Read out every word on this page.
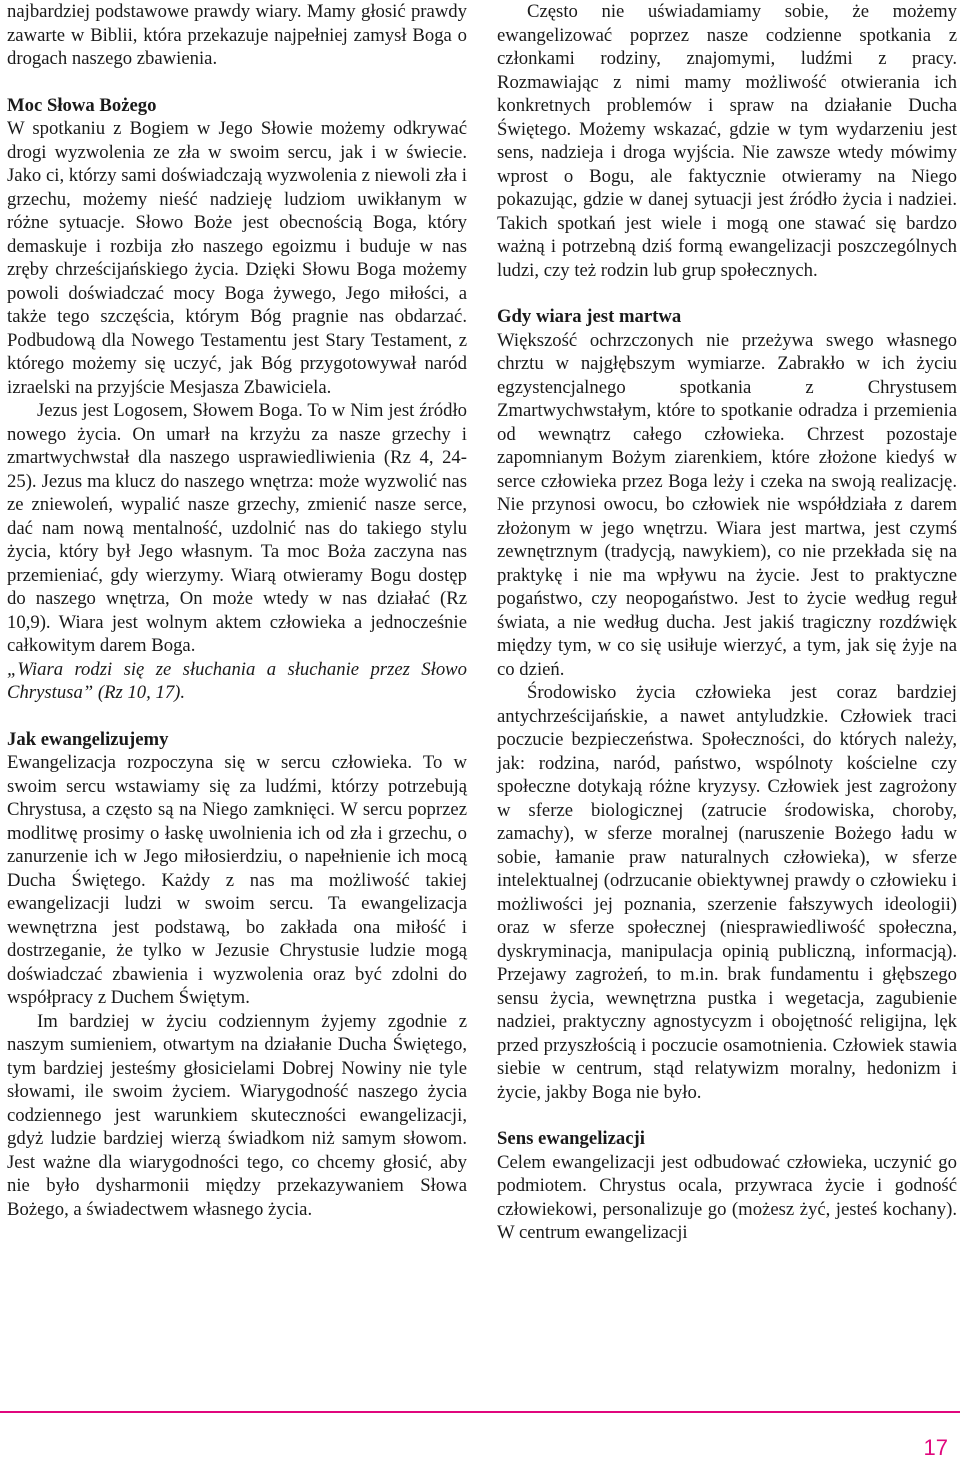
najbardziej podstawowe prawdy wiary. Mamy głosić prawdy zawarte w Biblii, która przekazuje najpełniej zamysł Boga o drogach naszego zbawienia.

Moc Słowa Bożego

W spotkaniu z Bogiem w Jego Słowie możemy odkrywać drogi wyzwolenia ze zła w swoim sercu, jak i w świecie. Jako ci, którzy sami doświadczają wyzwolenia z niewoli zła i grzechu, możemy nieść nadzieję ludziom uwikłanym w różne sytuacje. Słowo Boże jest obecnością Boga, który demaskuje i rozbija zło naszego egoizmu i buduje w nas zręby chrześcijańskiego życia. Dzięki Słowu Boga możemy powoli doświadczać mocy Boga żywego, Jego miłości, a także tego szczęścia, którym Bóg pragnie nas obdarzać. Podbudową dla Nowego Testamentu jest Stary Testament, z którego możemy się uczyć, jak Bóg przygotowywał naród izraelski na przyjście Mesjasza Zbawiciela.

Jezus jest Logosem, Słowem Boga. To w Nim jest źródło nowego życia. On umarł na krzyżu za nasze grzechy i zmartwychwstał dla naszego usprawiedliwienia (Rz 4, 24-25). Jezus ma klucz do naszego wnętrza: może wyzwolić nas ze zniewoleń, wypalić nasze grzechy, zmienić nasze serce, dać nam nową mentalność, uzdolnić nas do takiego stylu życia, który był Jego własnym. Ta moc Boża zaczyna nas przemieniać, gdy wierzymy. Wiarą otwieramy Bogu dostęp do naszego wnętrza, On może wtedy w nas działać (Rz 10,9). Wiara jest wolnym aktem człowieka a jednocześnie całkowitym darem Boga.

„Wiara rodzi się ze słuchania a słuchanie przez Słowo Chrystusa” (Rz 10, 17).

Jak ewangelizujemy

Ewangelizacja rozpoczyna się w sercu człowieka. To w swoim sercu wstawiamy się za ludźmi, którzy potrzebują Chrystusa, a często są na Niego zamknięci. W sercu poprzez modlitwę prosimy o łaskę uwolnienia ich od zła i grzechu, o zanurzenie ich w Jego miłosierdziu, o napełnienie ich mocą Ducha Świętego. Każdy z nas ma możliwość takiej ewangelizacji ludzi w swoim sercu. Ta ewangelizacja wewnętrzna jest podstawą, bo zakłada ona miłość i dostrzeganie, że tylko w Jezusie Chrystusie ludzie mogą doświadczać zbawienia i wyzwolenia oraz być zdolni do współpracy z Duchem Świętym.

Im bardziej w życiu codziennym żyjemy zgodnie z naszym sumieniem, otwartym na działanie Ducha Świętego, tym bardziej jesteśmy głosicielami Dobrej Nowiny nie tyle słowami, ile swoim życiem. Wiarygodność naszego życia codziennego jest warunkiem skuteczności ewangelizacji, gdyż ludzie bardziej wierzą świadkom niż samym słowom. Jest ważne dla wiarygodności tego, co chcemy głosić, aby nie było dysharmonii między przekazywaniem Słowa Bożego, a świadectwem własnego życia.

Często nie uświadamiamy sobie, że możemy ewangelizować poprzez nasze codzienne spotkania z członkami rodziny, znajomymi, ludźmi z pracy. Rozmawiając z nimi mamy możliwość otwierania ich konkretnych problemów i spraw na działanie Ducha Świętego. Możemy wskazać, gdzie w tym wydarzeniu jest sens, nadzieja i droga wyjścia. Nie zawsze wtedy mówimy wprost o Bogu, ale faktycznie otwieramy na Niego pokazując, gdzie w danej sytuacji jest źródło życia i nadziei. Takich spotkań jest wiele i mogą one stawać się bardzo ważną i potrzebną dziś formą ewangelizacji poszczególnych ludzi, czy też rodzin lub grup społecznych.

Gdy wiara jest martwa

Większość ochrzczonych nie przeżywa swego własnego chrztu w najgłębszym wymiarze. Zabrakło w ich życiu egzystencjalnego spotkania z Chrystusem Zmartwychwstałym, które to spotkanie odradza i przemienia od wewnątrz całego człowieka. Chrzest pozostaje zapomnianym Bożym ziarenkiem, które złożone kiedyś w serce człowieka przez Boga leży i czeka na swoją realizację. Nie przynosi owocu, bo człowiek nie współdziała z darem złożonym w jego wnętrzu. Wiara jest martwa, jest czymś zewnętrznym (tradycją, nawykiem), co nie przekłada się na praktykę i nie ma wpływu na życie. Jest to praktyczne pogaństwo, czy neopogaństwo. Jest to życie według reguł świata, a nie według ducha. Jest jakiś tragiczny rozdźwięk między tym, w co się usiłuje wierzyć, a tym, jak się żyje na co dzień.

Środowisko życia człowieka jest coraz bardziej antychrześcijańskie, a nawet antyludzkie. Człowiek traci poczucie bezpieczeństwa. Społeczności, do których należy, jak: rodzina, naród, państwo, wspólnoty kościelne czy społeczne dotykają różne kryzysy. Człowiek jest zagrożony w sferze biologicznej (zatrucie środowiska, choroby, zamachy), w sferze moralnej (naruszenie Bożego ładu w sobie, łamanie praw naturalnych człowieka), w sferze intelektualnej (odrzucanie obiektywnej prawdy o człowieku i możliwości jej poznania, szerzenie fałszywych ideologii) oraz w sferze społecznej (niesprawiedliwość społeczna, dyskryminacja, manipulacja opinią publiczną, informacją). Przejawy zagrożeń, to m.in. brak fundamentu i głębszego sensu życia, wewnętrzna pustka i wegetacja, zagubienie nadziei, praktyczny agnostycyzm i obojętność religijna, lęk przed przyszłością i poczucie osamotnienia. Człowiek stawia siebie w centrum, stąd relatywizm moralny, hedonizm i życie, jakby Boga nie było.

Sens ewangelizacji

Celem ewangelizacji jest odbudować człowieka, uczynić go podmiotem. Chrystus ocala, przywraca życie i godność człowiekowi, personalizuje go (możesz żyć, jesteś kochany). W centrum ewangelizacji

17
